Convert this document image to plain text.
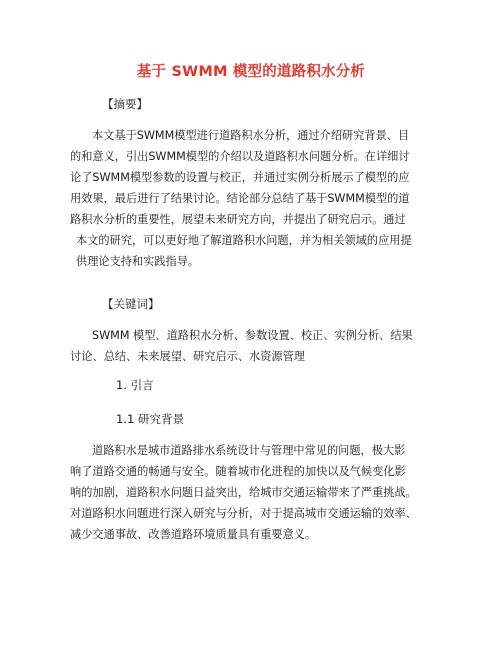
基于 SWMM 模型的道路积水分析
【摘要】
本文基于SWMM模型进行道路积水分析，通过介绍研究背景、目
的和意义，引出SWMM模型的介绍以及道路积水问题分析。在详细讨
论了SWMM模型参数的设置与校正，并通过实例分析展示了模型的应
用效果，最后进行了结果讨论。结论部分总结了基于SWMM模型的道
路积水分析的重要性，展望未来研究方向，并提出了研究启示。通过
本文的研究，可以更好地了解道路积水问题，并为相关领域的应用提
供理论支持和实践指导。
【关键词】
SWMM 模型、道路积水分析、参数设置、校正、实例分析、结果
讨论、总结、未来展望、研究启示、水资源管理
1. 引言
1.1 研究背景
道路积水是城市道路排水系统设计与管理中常见的问题，极大影
响了道路交通的畅通与安全。随着城市化进程的加快以及气候变化影
响的加剧，道路积水问题日益突出，给城市交通运输带来了严重挑战。
对道路积水问题进行深入研究与分析，对于提高城市交通运输的效率、
减少交通事故、改善道路环境质量具有重要意义。
